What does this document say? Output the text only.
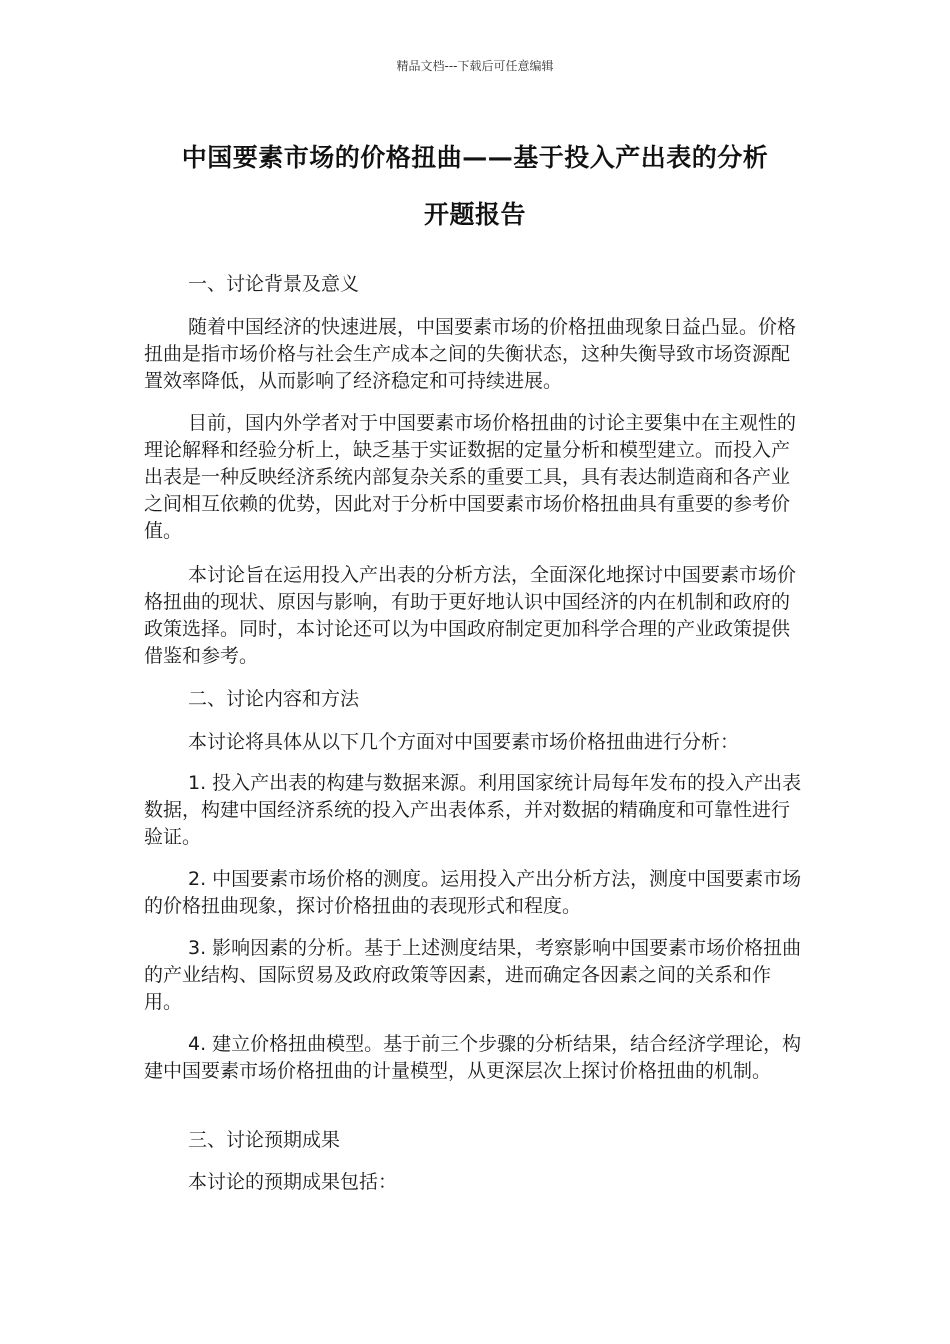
精品文档---下载后可任意编辑
中国要素市场的价格扭曲——基于投入产出表的分析
开题报告

一、讨论背景及意义

随着中国经济的快速进展，中国要素市场的价格扭曲现象日益凸显。价格扭曲是指市场价格与社会生产成本之间的失衡状态，这种失衡导致市场资源配置效率降低，从而影响了经济稳定和可持续进展。

目前，国内外学者对于中国要素市场价格扭曲的讨论主要集中在主观性的理论解释和经验分析上，缺乏基于实证数据的定量分析和模型建立。而投入产出表是一种反映经济系统内部复杂关系的重要工具，具有表达制造商和各产业之间相互依赖的优势，因此对于分析中国要素市场价格扭曲具有重要的参考价值。

本讨论旨在运用投入产出表的分析方法，全面深化地探讨中国要素市场价格扭曲的现状、原因与影响，有助于更好地认识中国经济的内在机制和政府的政策选择。同时，本讨论还可以为中国政府制定更加科学合理的产业政策提供借鉴和参考。

二、讨论内容和方法

本讨论将具体从以下几个方面对中国要素市场价格扭曲进行分析：

1. 投入产出表的构建与数据来源。利用国家统计局每年发布的投入产出表数据，构建中国经济系统的投入产出表体系，并对数据的精确度和可靠性进行验证。

2. 中国要素市场价格的测度。运用投入产出分析方法，测度中国要素市场的价格扭曲现象，探讨价格扭曲的表现形式和程度。

3. 影响因素的分析。基于上述测度结果，考察影响中国要素市场价格扭曲的产业结构、国际贸易及政府政策等因素，进而确定各因素之间的关系和作用。

4. 建立价格扭曲模型。基于前三个步骤的分析结果，结合经济学理论，构建中国要素市场价格扭曲的计量模型，从更深层次上探讨价格扭曲的机制。

三、讨论预期成果

本讨论的预期成果包括：
